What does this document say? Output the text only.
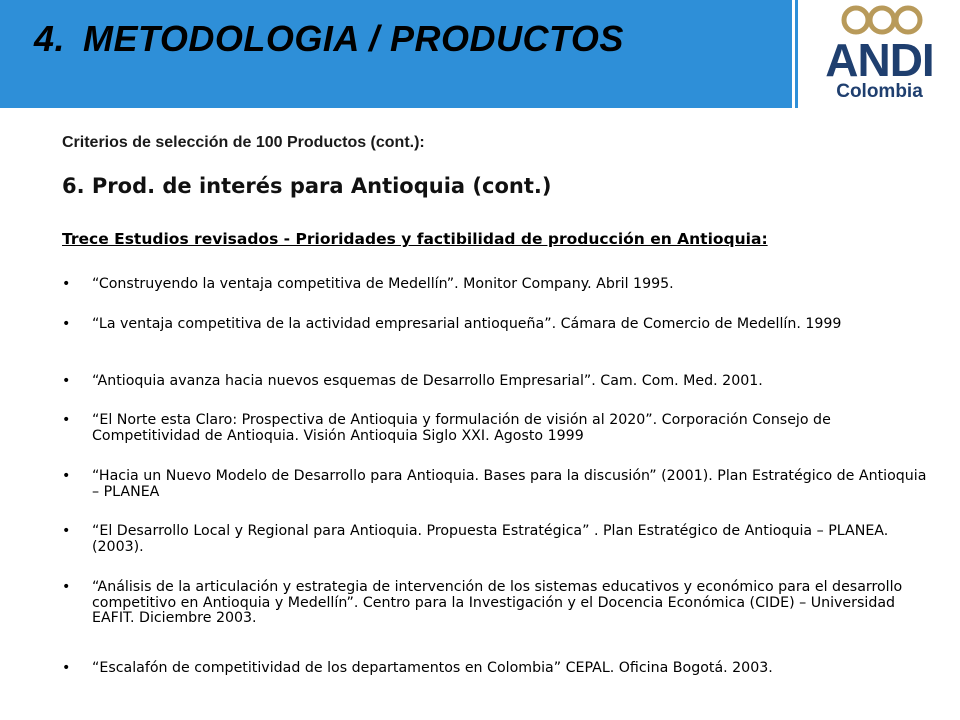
4. METODOLOGIA / PRODUCTOS	ANDI
Colombia
Criterios de selección de 100 Productos (cont.):
6. Prod. de interés para Antioquia (cont.)
Trece Estudios revisados - Prioridades y factibilidad de producción en Antioquia:
•	“Construyendo la ventaja competitiva de Medellín”. Monitor Company. Abril 1995.
•	“La ventaja competitiva de la actividad empresarial antioqueña”. Cámara de Comercio de Medellín. 1999
•	“Antioquia avanza hacia nuevos esquemas de Desarrollo Empresarial”. Cam. Com. Med. 2001.
•	“El Norte esta Claro: Prospectiva de Antioquia y formulación de visión al 2020”. Corporación Consejo de Competitividad de Antioquia. Visión Antioquia Siglo XXI. Agosto 1999
•	“Hacia un Nuevo Modelo de Desarrollo para Antioquia. Bases para la discusión” (2001). Plan Estratégico de Antioquia – PLANEA
•	“El Desarrollo Local y Regional para Antioquia. Propuesta Estratégica” . Plan Estratégico de Antioquia – PLANEA. (2003).
•	“Análisis de la articulación y estrategia de intervención de los sistemas educativos y económico para el desarrollo competitivo en Antioquia y Medellín”. Centro para la Investigación y el Docencia Económica (CIDE) – Universidad EAFIT. Diciembre 2003.
•	“Escalafón de competitividad de los departamentos en Colombia” CEPAL. Oficina Bogotá. 2003.
